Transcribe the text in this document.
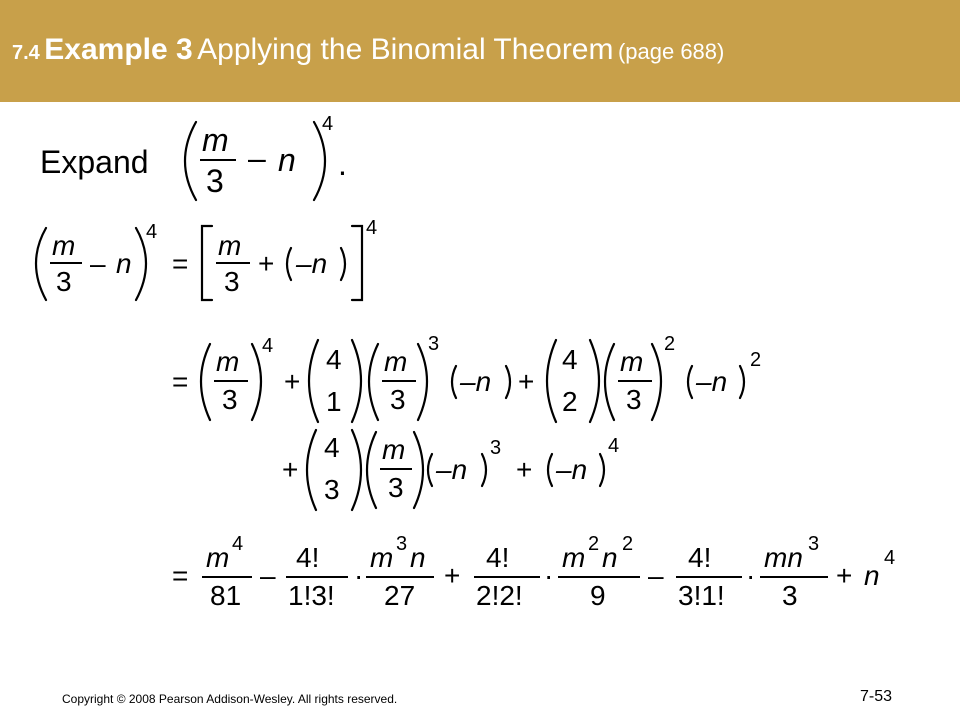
7.4 Example 3 Applying the Binomial Theorem (page 688)
Expand
m
3
– n
4
.
m
3
– n
4
=
m
3
+ –n
4
=
m
3
4
+
4
1
m
3
3
–n +
4
2
m
3
2
–n
2
+
4
3
m
3
–n
3
+ –n
4
=
m 4
81
–
4!
1!3!
·
m 3 n
27
+
4!
2!2!
·
m 2 n 2
9
–
4!
3!1!
·
mn 3
3
+ n
4
Copyright © 2008 Pearson Addison-Wesley. All rights reserved.	7-53
